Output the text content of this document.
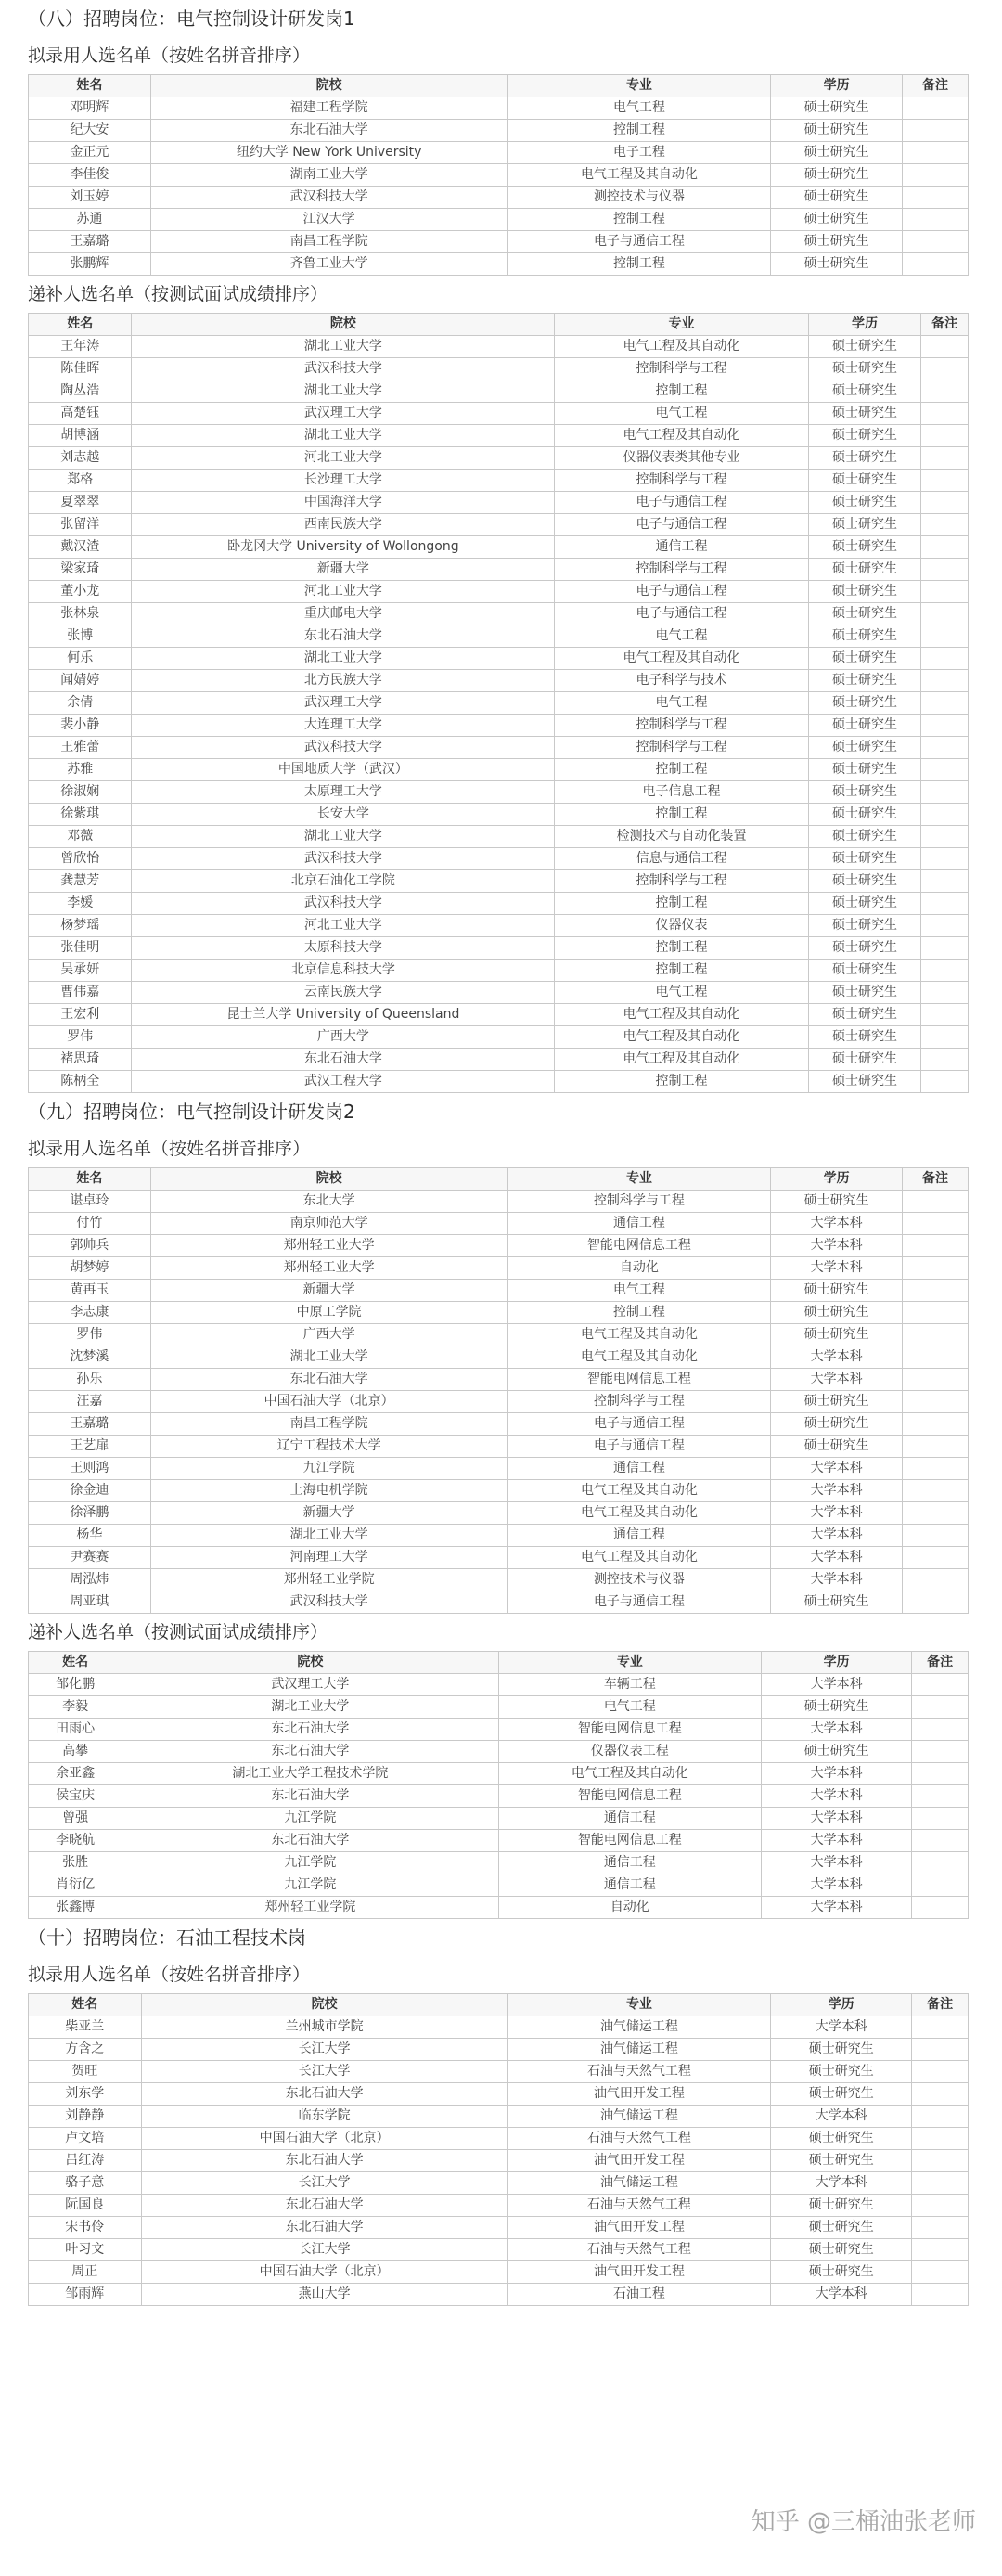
（八）招聘岗位：电气控制设计研发岗1
拟录用人选名单（按姓名拼音排序）
姓名	院校	专业	学历	备注
邓明辉	福建工程学院	电气工程	硕士研究生	
纪大安	东北石油大学	控制工程	硕士研究生	
金正元	纽约大学 New York University	电子工程	硕士研究生	
李佳俊	湖南工业大学	电气工程及其自动化	硕士研究生	
刘玉婷	武汉科技大学	测控技术与仪器	硕士研究生	
苏通	江汉大学	控制工程	硕士研究生	
王嘉璐	南昌工程学院	电子与通信工程	硕士研究生	
张鹏辉	齐鲁工业大学	控制工程	硕士研究生	
递补人选名单（按测试面试成绩排序）
姓名	院校	专业	学历	备注
王年涛	湖北工业大学	电气工程及其自动化	硕士研究生	
陈佳晖	武汉科技大学	控制科学与工程	硕士研究生	
陶丛浩	湖北工业大学	控制工程	硕士研究生	
高楚钰	武汉理工大学	电气工程	硕士研究生	
胡博涵	湖北工业大学	电气工程及其自动化	硕士研究生	
刘志越	河北工业大学	仪器仪表类其他专业	硕士研究生	
郑格	长沙理工大学	控制科学与工程	硕士研究生	
夏翠翠	中国海洋大学	电子与通信工程	硕士研究生	
张留洋	西南民族大学	电子与通信工程	硕士研究生	
戴汉渣	卧龙冈大学 University of Wollongong	通信工程	硕士研究生	
梁家琦	新疆大学	控制科学与工程	硕士研究生	
董小龙	河北工业大学	电子与通信工程	硕士研究生	
张林泉	重庆邮电大学	电子与通信工程	硕士研究生	
张博	东北石油大学	电气工程	硕士研究生	
何乐	湖北工业大学	电气工程及其自动化	硕士研究生	
闻婧婷	北方民族大学	电子科学与技术	硕士研究生	
余倩	武汉理工大学	电气工程	硕士研究生	
裴小静	大连理工大学	控制科学与工程	硕士研究生	
王雅蕾	武汉科技大学	控制科学与工程	硕士研究生	
苏雅	中国地质大学（武汉）	控制工程	硕士研究生	
徐淑娴	太原理工大学	电子信息工程	硕士研究生	
徐紫琪	长安大学	控制工程	硕士研究生	
邓薇	湖北工业大学	检测技术与自动化装置	硕士研究生	
曾欣怡	武汉科技大学	信息与通信工程	硕士研究生	
龚慧芳	北京石油化工学院	控制科学与工程	硕士研究生	
李媛	武汉科技大学	控制工程	硕士研究生	
杨梦瑶	河北工业大学	仪器仪表	硕士研究生	
张佳明	太原科技大学	控制工程	硕士研究生	
吴承妍	北京信息科技大学	控制工程	硕士研究生	
曹伟嘉	云南民族大学	电气工程	硕士研究生	
王宏利	昆士兰大学 University of Queensland	电气工程及其自动化	硕士研究生	
罗伟	广西大学	电气工程及其自动化	硕士研究生	
褚思琦	东北石油大学	电气工程及其自动化	硕士研究生	
陈柄全	武汉工程大学	控制工程	硕士研究生	
（九）招聘岗位：电气控制设计研发岗2
拟录用人选名单（按姓名拼音排序）
姓名	院校	专业	学历	备注
谌卓玲	东北大学	控制科学与工程	硕士研究生	
付竹	南京师范大学	通信工程	大学本科	
郭帅兵	郑州轻工业大学	智能电网信息工程	大学本科	
胡梦婷	郑州轻工业大学	自动化	大学本科	
黄再玉	新疆大学	电气工程	硕士研究生	
李志康	中原工学院	控制工程	硕士研究生	
罗伟	广西大学	电气工程及其自动化	硕士研究生	
沈梦溪	湖北工业大学	电气工程及其自动化	大学本科	
孙乐	东北石油大学	智能电网信息工程	大学本科	
汪嘉	中国石油大学（北京）	控制科学与工程	硕士研究生	
王嘉璐	南昌工程学院	电子与通信工程	硕士研究生	
王艺扉	辽宁工程技术大学	电子与通信工程	硕士研究生	
王则鸿	九江学院	通信工程	大学本科	
徐金迪	上海电机学院	电气工程及其自动化	大学本科	
徐泽鹏	新疆大学	电气工程及其自动化	大学本科	
杨华	湖北工业大学	通信工程	大学本科	
尹赛赛	河南理工大学	电气工程及其自动化	大学本科	
周泓炜	郑州轻工业学院	测控技术与仪器	大学本科	
周亚琪	武汉科技大学	电子与通信工程	硕士研究生	
递补人选名单（按测试面试成绩排序）
姓名	院校	专业	学历	备注
邹化鹏	武汉理工大学	车辆工程	大学本科	
李毅	湖北工业大学	电气工程	硕士研究生	
田雨心	东北石油大学	智能电网信息工程	大学本科	
高攀	东北石油大学	仪器仪表工程	硕士研究生	
余亚鑫	湖北工业大学工程技术学院	电气工程及其自动化	大学本科	
侯宝庆	东北石油大学	智能电网信息工程	大学本科	
曾强	九江学院	通信工程	大学本科	
李晓航	东北石油大学	智能电网信息工程	大学本科	
张胜	九江学院	通信工程	大学本科	
肖衍亿	九江学院	通信工程	大学本科	
张鑫博	郑州轻工业学院	自动化	大学本科	
（十）招聘岗位：石油工程技术岗
拟录用人选名单（按姓名拼音排序）
姓名	院校	专业	学历	备注
柴亚兰	兰州城市学院	油气储运工程	大学本科	
方含之	长江大学	油气储运工程	硕士研究生	
贺旺	长江大学	石油与天然气工程	硕士研究生	
刘东学	东北石油大学	油气田开发工程	硕士研究生	
刘静静	临东学院	油气储运工程	大学本科	
卢文培	中国石油大学（北京）	石油与天然气工程	硕士研究生	
吕红涛	东北石油大学	油气田开发工程	硕士研究生	
骆子意	长江大学	油气储运工程	大学本科	
阮国良	东北石油大学	石油与天然气工程	硕士研究生	
宋书伶	东北石油大学	油气田开发工程	硕士研究生	
叶习文	长江大学	石油与天然气工程	硕士研究生	
周正	中国石油大学（北京）	油气田开发工程	硕士研究生	
邹雨辉	燕山大学	石油工程	大学本科	
知乎 @三桶油张老师
